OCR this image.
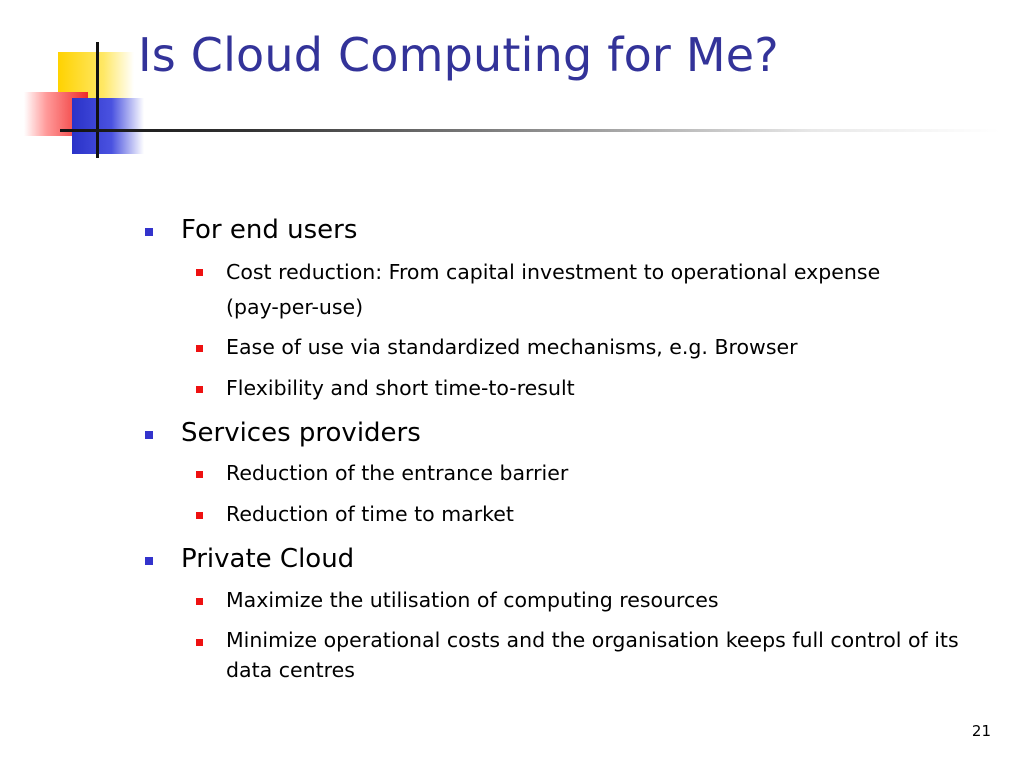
Is Cloud Computing for Me?
For end users
Cost reduction: From capital investment to operational expense (pay-per-use)
Ease of use via standardized mechanisms, e.g. Browser
Flexibility and short time-to-result
Services providers
Reduction of the entrance barrier
Reduction of time to market
Private Cloud
Maximize the utilisation of computing resources
Minimize operational costs and the organisation keeps full control of its data centres
21
